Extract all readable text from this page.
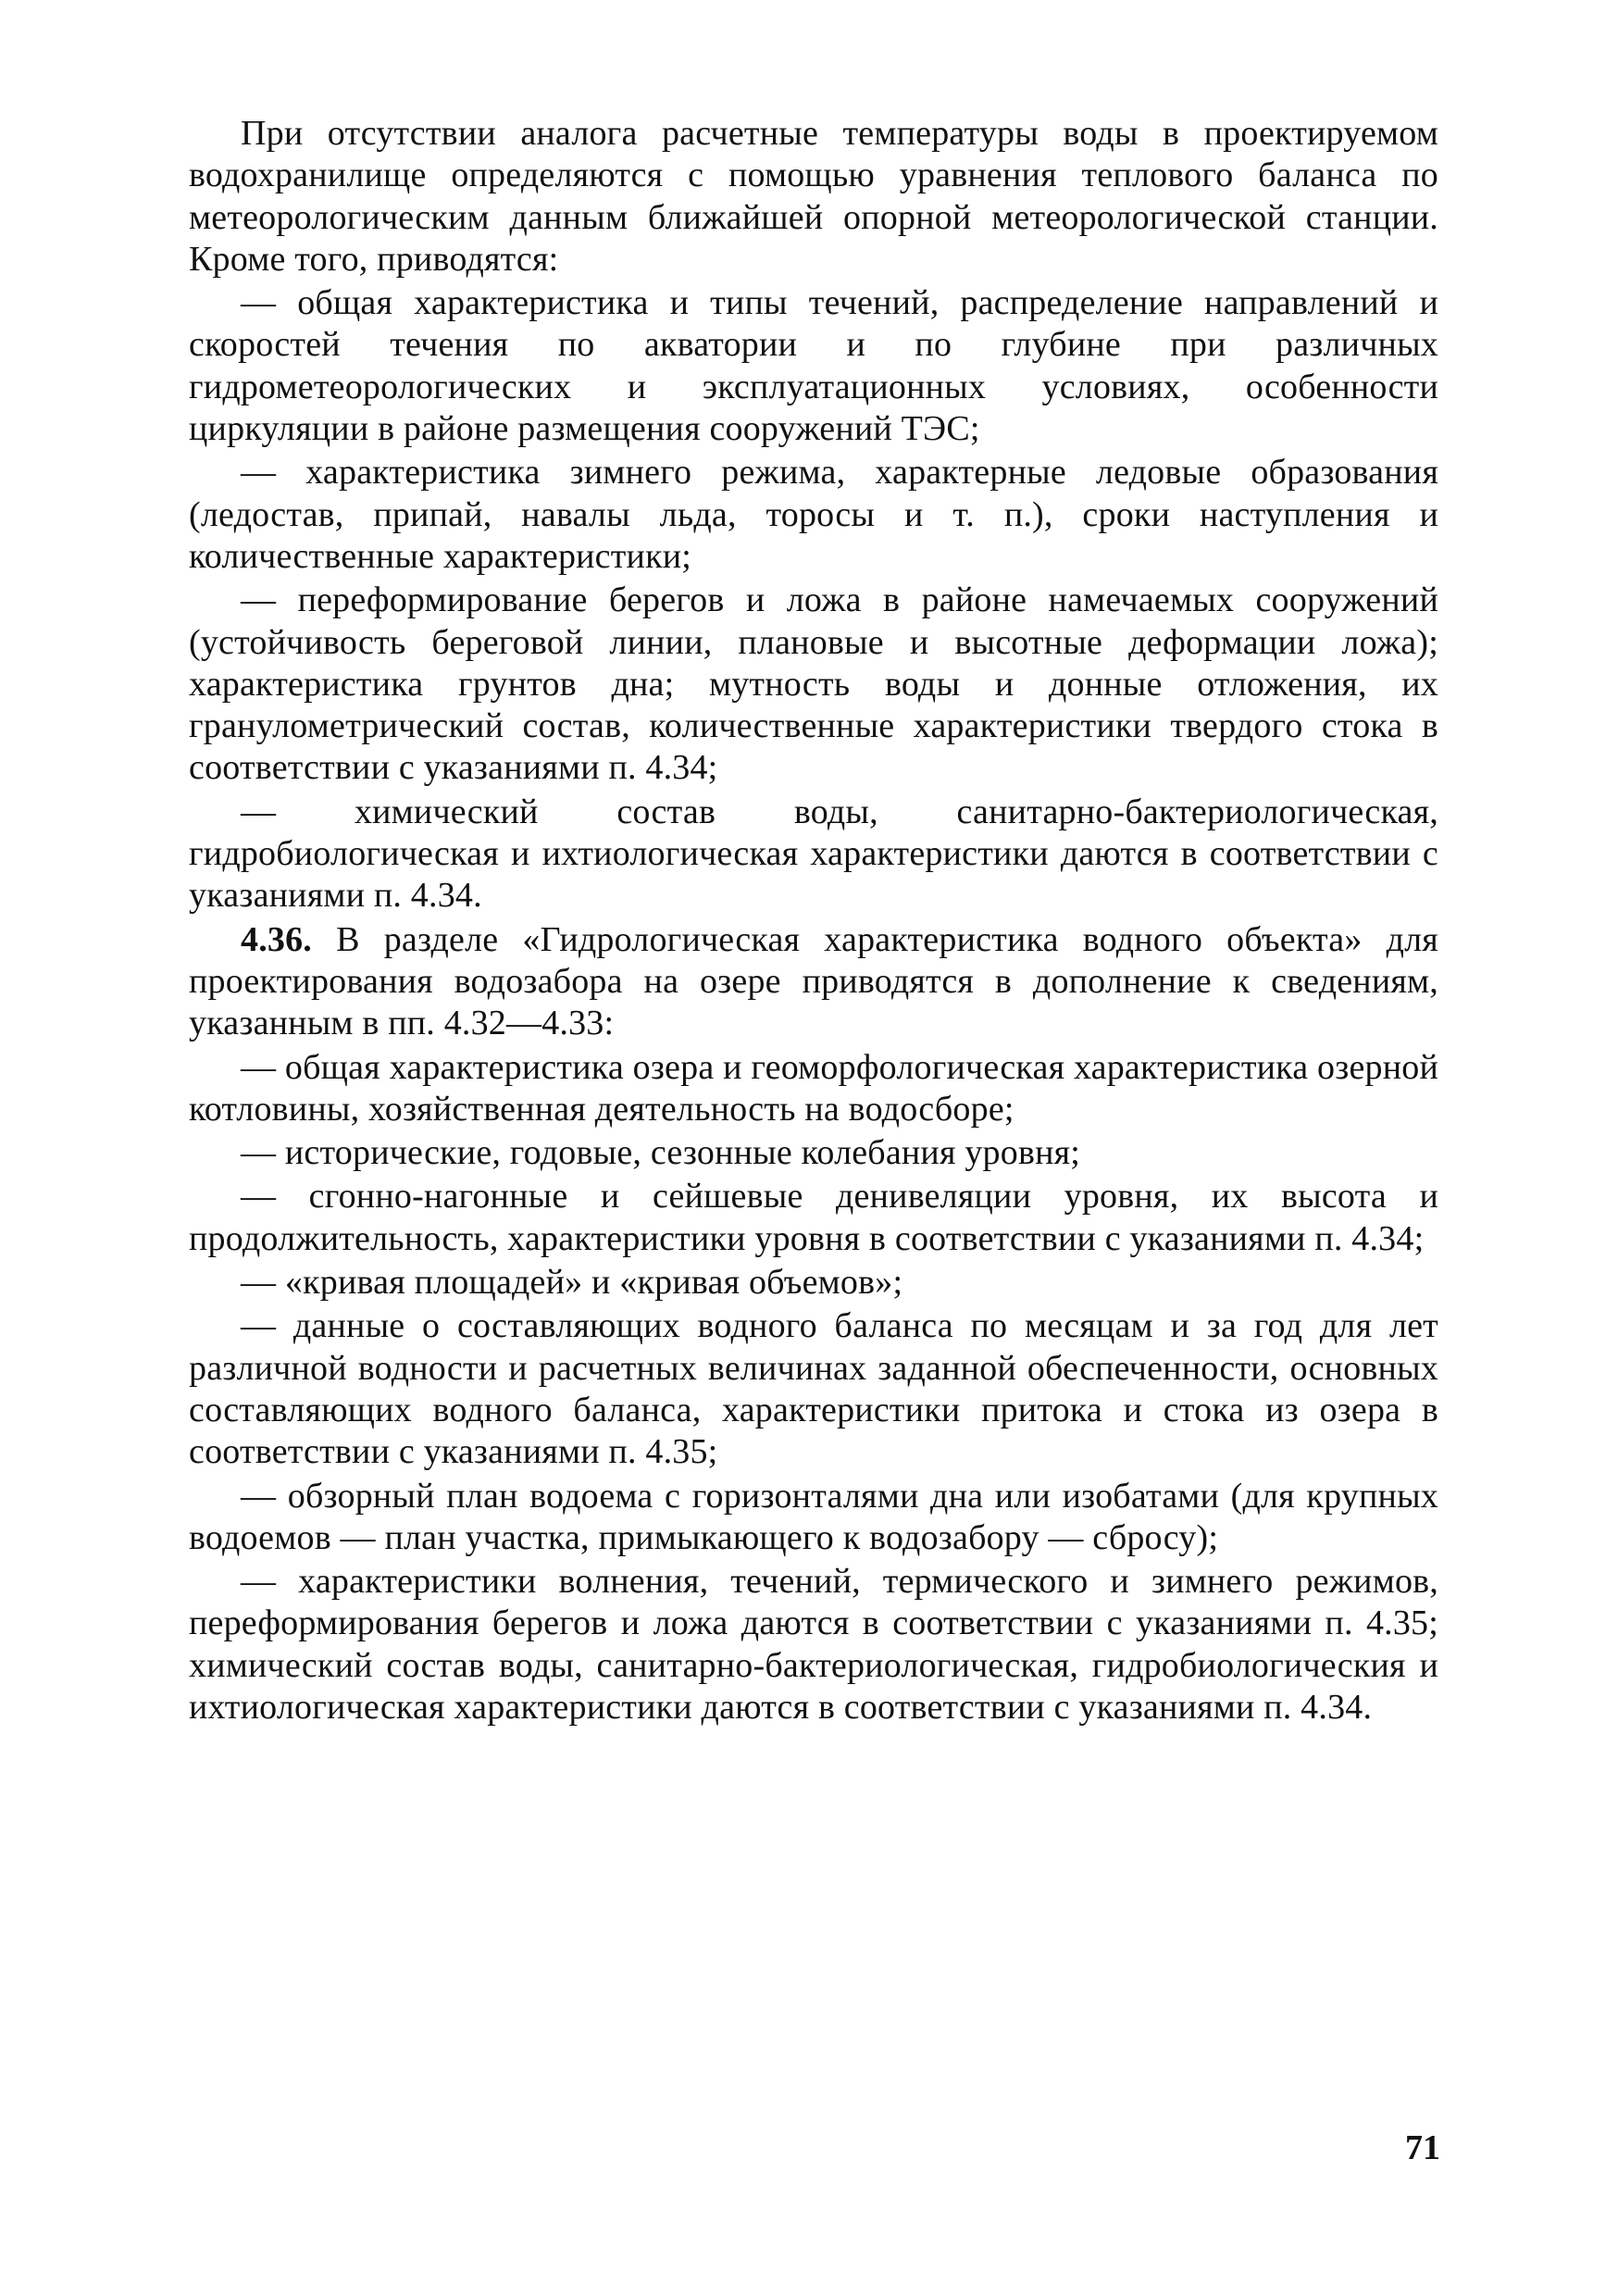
При отсутствии аналога расчетные температуры воды в проектируемом водохранилище определяются с помощью уравнения теплового баланса по метеорологическим данным ближайшей опорной метеорологической станции. Кроме того, приводятся:

— общая характеристика и типы течений, распределение направлений и скоростей течения по акватории и по глубине при различных гидрометеорологических и эксплуатационных условиях, особенности циркуляции в районе размещения сооружений ТЭС;

— характеристика зимнего режима, характерные ледовые образования (ледостав, припай, навалы льда, торосы и т. п.), сроки наступления и количественные характеристики;

— переформирование берегов и ложа в районе намечаемых сооружений (устойчивость береговой линии, плановые и высотные деформации ложа); характеристика грунтов дна; мутность воды и донные отложения, их гранулометрический состав, количественные характеристики твердого стока в соответствии с указаниями п. 4.34;

— химический состав воды, санитарно-бактериологическая, гидробиологическая и ихтиологическая характеристики даются в соответствии с указаниями п. 4.34.

4.36. В разделе «Гидрологическая характеристика водного объекта» для проектирования водозабора на озере приводятся в дополнение к сведениям, указанным в пп. 4.32—4.33:

— общая характеристика озера и геоморфологическая характеристика озерной котловины, хозяйственная деятельность на водосборе;

— исторические, годовые, сезонные колебания уровня;

— сгонно-нагонные и сейшевые денивеляции уровня, их высота и продолжительность, характеристики уровня в соответствии с указаниями п. 4.34;

— «кривая площадей» и «кривая объемов»;

— данные о составляющих водного баланса по месяцам и за год для лет различной водности и расчетных величинах заданной обеспеченности, основных составляющих водного баланса, характеристики притока и стока из озера в соответствии с указаниями п. 4.35;

— обзорный план водоема с горизонталями дна или изобатами (для крупных водоемов — план участка, примыкающего к водозабору — сбросу);

— характеристики волнения, течений, термического и зимнего режимов, переформирования берегов и ложа даются в соответствии с указаниями п. 4.35; химический состав воды, санитарно-бактериологическая, гидробиологическия и ихтиологическая характеристики даются в соответствии с указаниями п. 4.34.

71
